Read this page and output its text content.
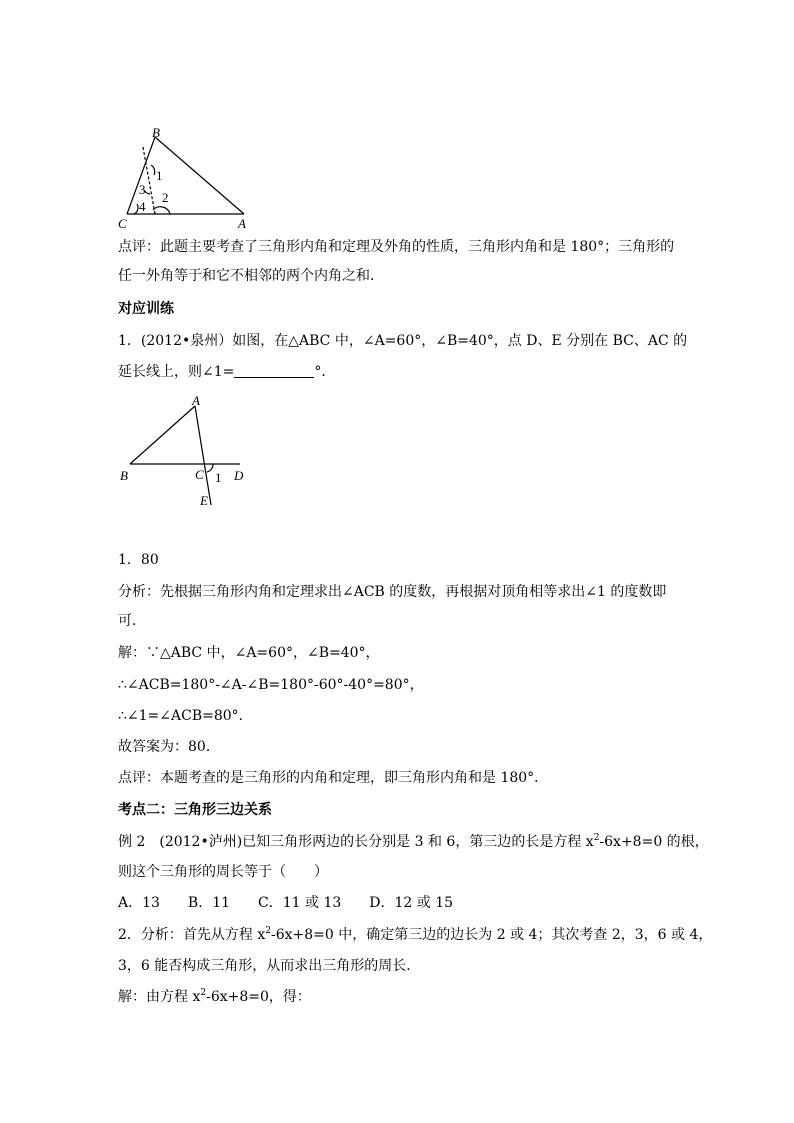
B
C	A
1
2
3
4
点评：此题主要考查了三角形内角和定理及外角的性质，三角形内角和是 180°；三角形的
任一外角等于和它不相邻的两个内角之和．
对应训练
1．(2012•泉州）如图，在△ABC 中，∠A=60°，∠B=40°，点 D、E 分别在 BC、AC 的
延长线上，则∠1=	°．
A
B	C D
E
1
1．80
分析：先根据三角形内角和定理求出∠ACB 的度数，再根据对顶角相等求出∠1 的度数即
可．
解：∵△ABC 中，∠A=60°，∠B=40°，
∴∠ACB=180°-∠A-∠B=180°-60°-40°=80°，
∴∠1=∠ACB=80°．
故答案为：80．
点评：本题考查的是三角形的内角和定理，即三角形内角和是 180°．
考点二：三角形三边关系
例 2　(2012•泸州)已知三角形两边的长分别是 3 和 6，第三边的长是方程 $x^2-6x+8=0$ 的根，
则这个三角形的周长等于（　　）
A．13　　B．11　　C．11 或 13　　D．12 或 15
2．分析：首先从方程 $x^2-6x+8=0$ 中，确定第三边的边长为 2 或 4；其次考查 2，3，6 或 4，
3，6 能否构成三角形，从而求出三角形的周长．
解：由方程 $x^2-6x+8=0$，得：
